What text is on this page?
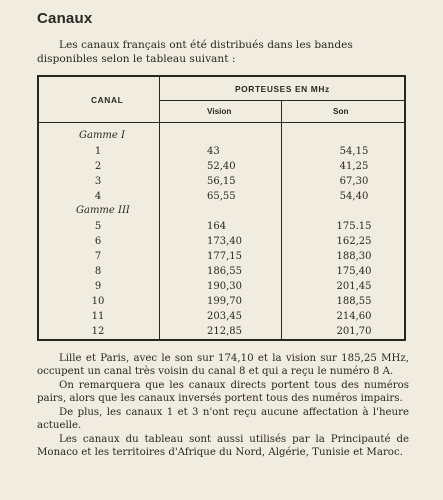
Canaux
Les canaux français ont été distribués dans les bandes disponibles selon le tableau suivant :
CANAL
PORTEUSES EN MHz
Vision	Son
Gamme I
1	43	54,15
2	52,40	41,25
3	56,15	67,30
4	65,55	54,40
Gamme III
5	164	175.15
6	173,40	162,25
7	177,15	188,30
8	186,55	175,40
9	190,30	201,45
10	199,70	188,55
11	203,45	214,60
12	212,85	201,70
Lille et Paris, avec le son sur 174,10 et la vision sur 185,25 MHz, occupent un canal très voisin du canal 8 et qui a reçu le numéro 8 A.
On remarquera que les canaux directs portent tous des numéros pairs, alors que les canaux inversés portent tous des numéros impairs.
De plus, les canaux 1 et 3 n'ont reçu aucune affectation à l'heure actuelle.
Les canaux du tableau sont aussi utilisés par la Principauté de Monaco et les territoires d'Afrique du Nord, Algérie, Tunisie et Maroc.
